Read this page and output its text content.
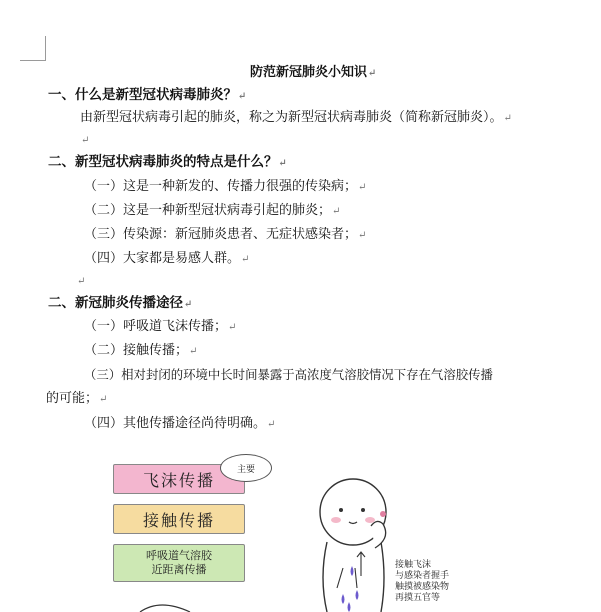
防范新冠肺炎小知识↵
一、什么是新型冠状病毒肺炎？↵
由新型冠状病毒引起的肺炎，称之为新型冠状病毒肺炎（简称新冠肺炎）。↵
↵
二、新型冠状病毒肺炎的特点是什么？↵
（一）这是一种新发的、传播力很强的传染病；↵
（二）这是一种新型冠状病毒引起的肺炎；↵
（三）传染源：新冠肺炎患者、无症状感染者；↵
（四）大家都是易感人群。↵
↵
二、新冠肺炎传播途径↵
（一）呼吸道飞沫传播；↵
（二）接触传播；↵
（三）相对封闭的环境中长时间暴露于高浓度气溶胶情况下存在气溶胶传播
的可能；↵
（四）其他传播途径尚待明确。↵
飞沫传播
主要
接触传播
呼吸道气溶胶
近距离传播	接触飞沫
与感染者握手
触摸被感染物
再摸五官等
